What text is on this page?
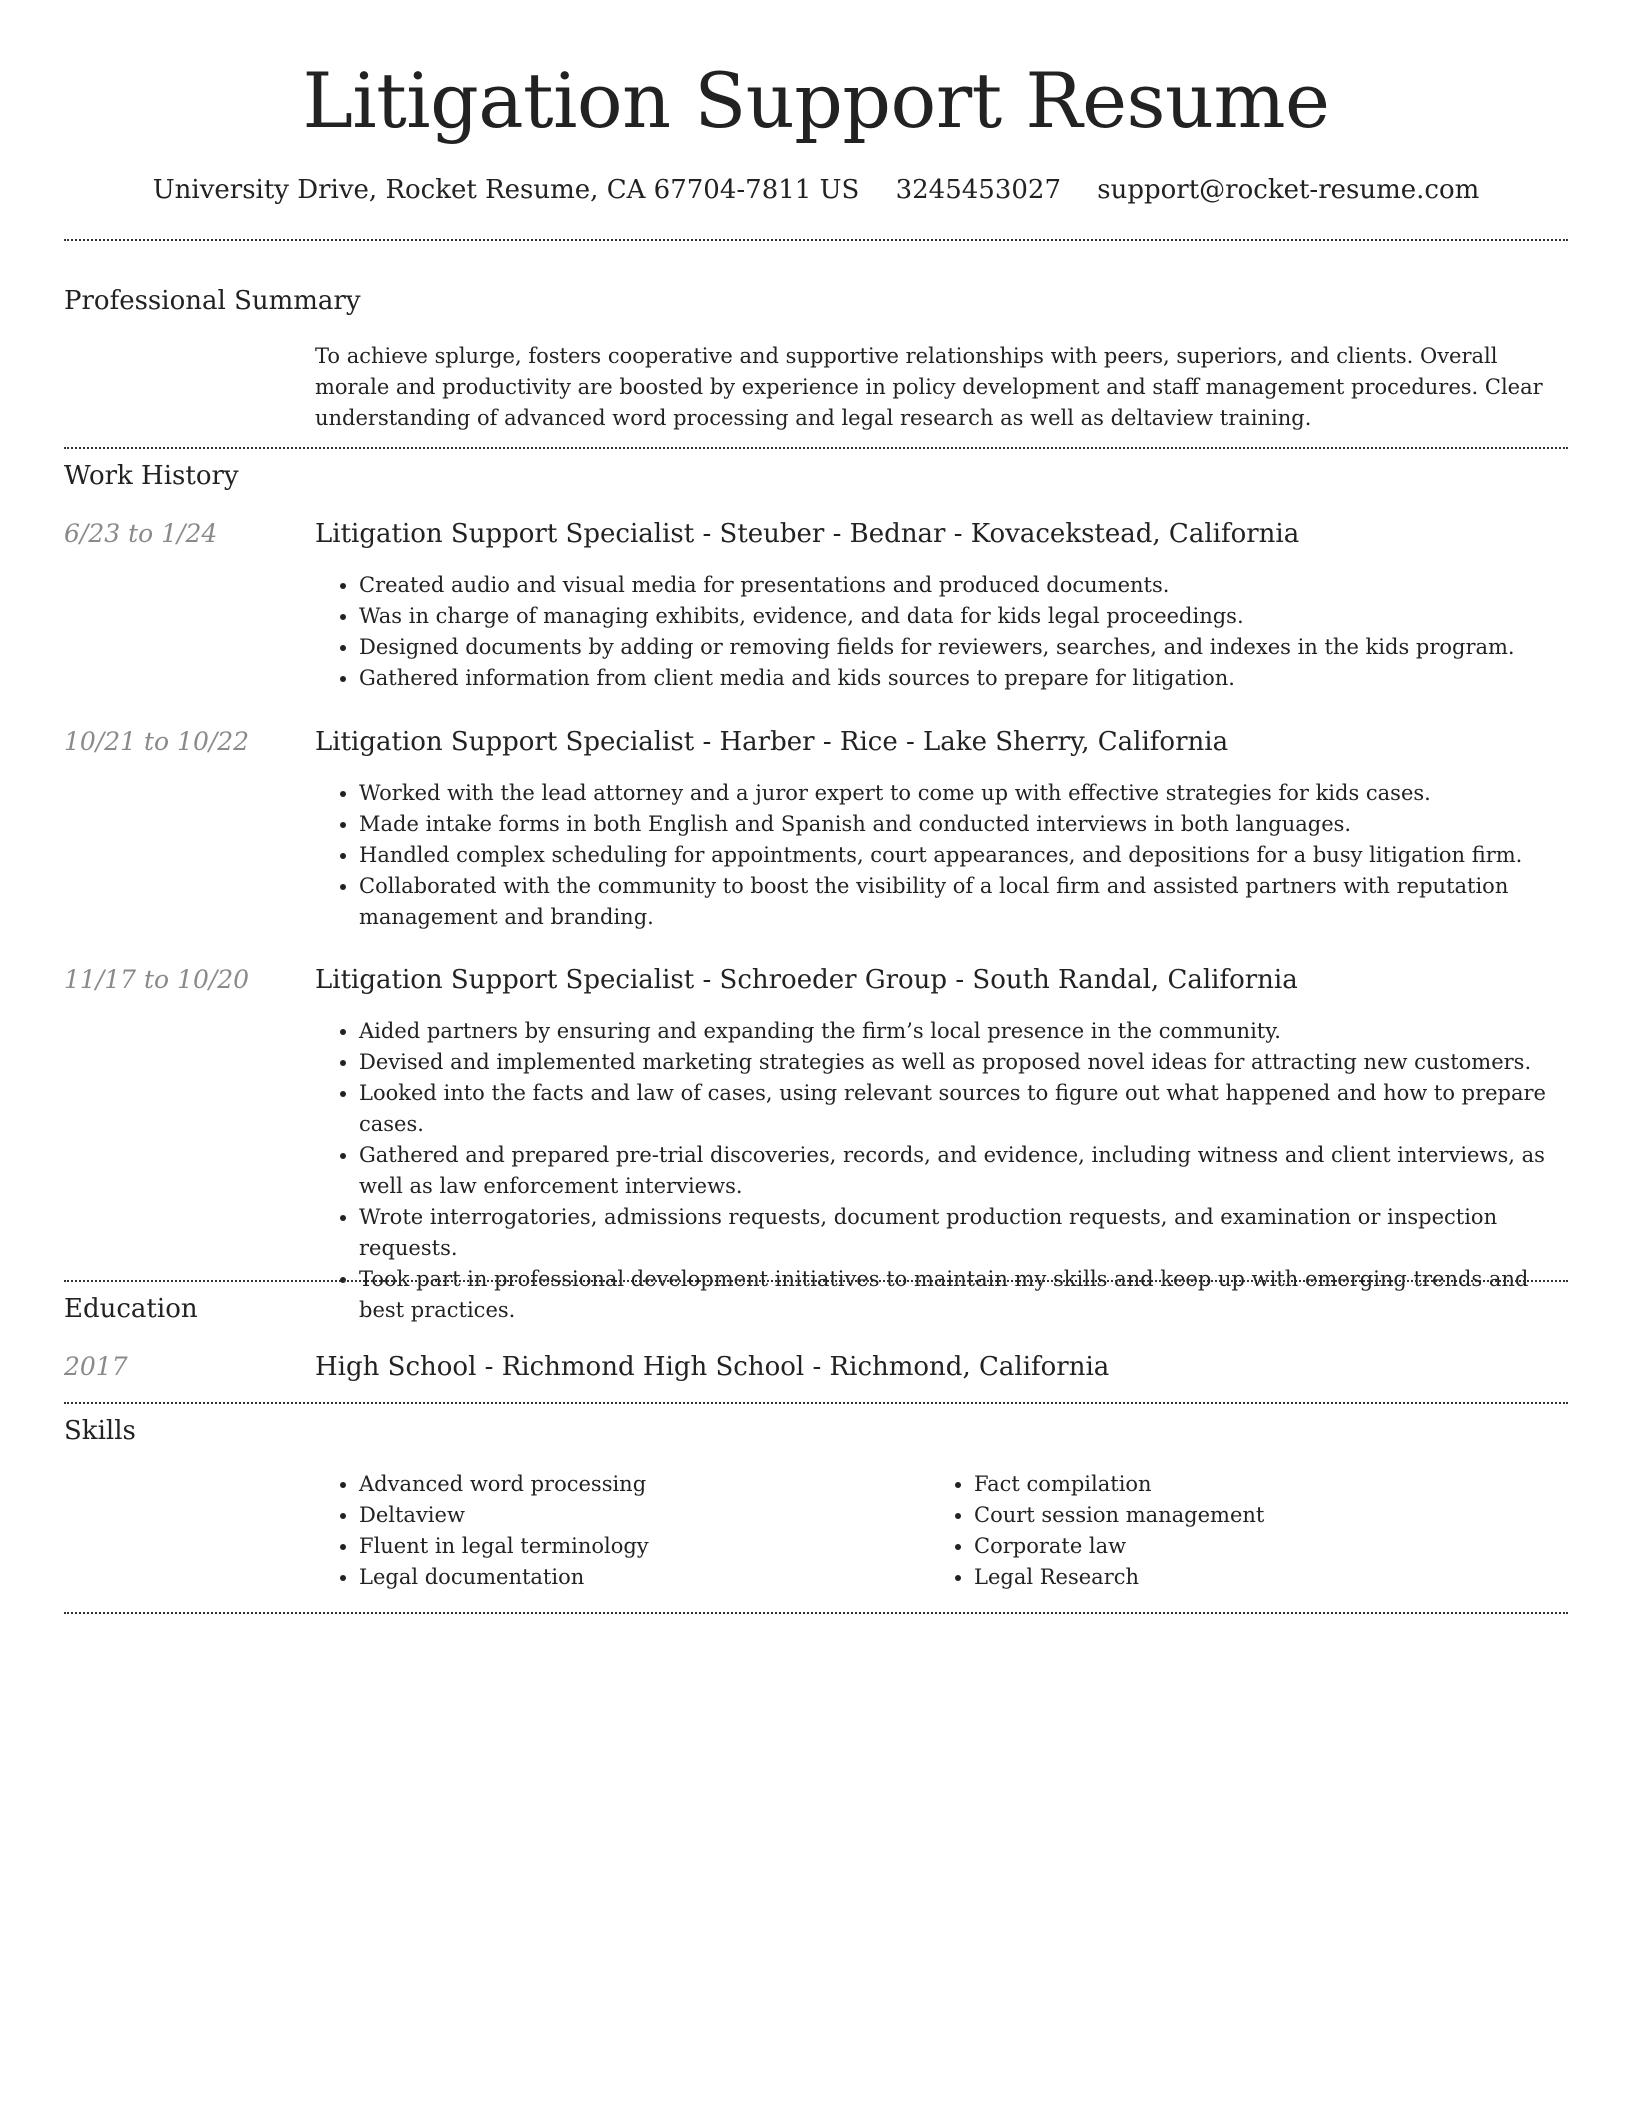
Litigation Support Resume
University Drive, Rocket Resume, CA 67704-7811 US 3245453027 support@rocket-resume.com
Professional Summary

To achieve splurge, fosters cooperative and supportive relationships with peers, superiors, and clients. Overall morale and productivity are boosted by experience in policy development and staff management procedures. Clear understanding of advanced word processing and legal research as well as deltaview training.

Work History
6/23 to 1/24	Litigation Support Specialist - Steuber - Bednar - Kovacekstead, California
• Created audio and visual media for presentations and produced documents.
• Was in charge of managing exhibits, evidence, and data for kids legal proceedings.
• Designed documents by adding or removing fields for reviewers, searches, and indexes in the kids program.
• Gathered information from client media and kids sources to prepare for litigation.
10/21 to 10/22	Litigation Support Specialist - Harber - Rice - Lake Sherry, California
• Worked with the lead attorney and a juror expert to come up with effective strategies for kids cases.
• Made intake forms in both English and Spanish and conducted interviews in both languages.
• Handled complex scheduling for appointments, court appearances, and depositions for a busy litigation firm.
• Collaborated with the community to boost the visibility of a local firm and assisted partners with reputation management and branding.
11/17 to 10/20	Litigation Support Specialist - Schroeder Group - South Randal, California
• Aided partners by ensuring and expanding the firm’s local presence in the community.
• Devised and implemented marketing strategies as well as proposed novel ideas for attracting new customers.
• Looked into the facts and law of cases, using relevant sources to figure out what happened and how to prepare cases.
• Gathered and prepared pre-trial discoveries, records, and evidence, including witness and client interviews, as well as law enforcement interviews.
• Wrote interrogatories, admissions requests, document production requests, and examination or inspection requests.
• Took part in professional development initiatives to maintain my skills and keep up with emerging trends and best practices.
Education
2017	High School - Richmond High School - Richmond, California
Skills
• Advanced word processing
• Deltaview
• Fluent in legal terminology
• Legal documentation
• Fact compilation
• Court session management
• Corporate law
• Legal Research
